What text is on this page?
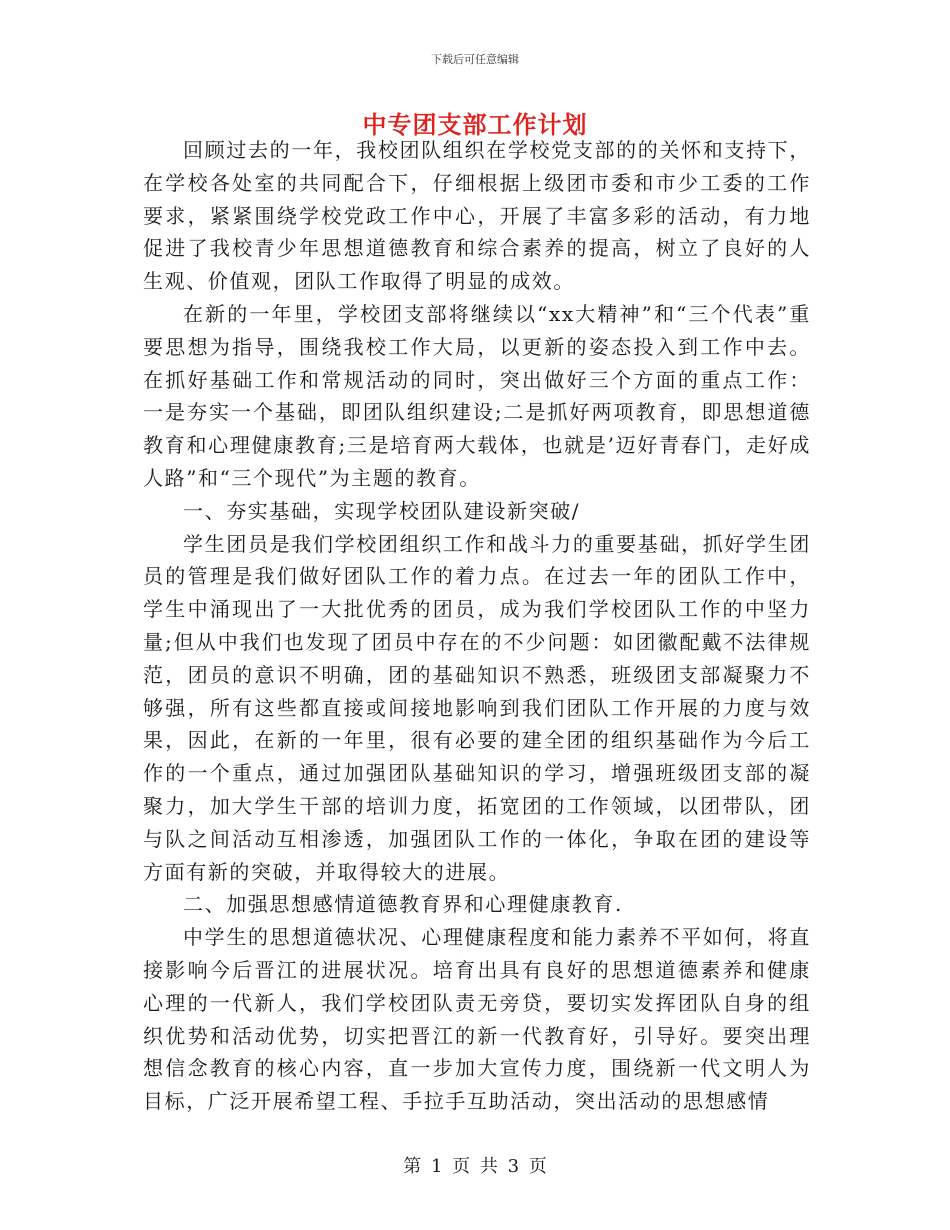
下载后可任意编辑
中专团支部工作计划

回顾过去的一年，我校团队组织在学校党支部的的关怀和支持下，在学校各处室的共同配合下，仔细根据上级团市委和市少工委的工作要求，紧紧围绕学校党政工作中心，开展了丰富多彩的活动，有力地促进了我校青少年思想道德教育和综合素养的提高，树立了良好的人生观、价值观，团队工作取得了明显的成效。

在新的一年里，学校团支部将继续以“xx大精神”和“三个代表”重要思想为指导，围绕我校工作大局，以更新的姿态投入到工作中去。在抓好基础工作和常规活动的同时，突出做好三个方面的重点工作：一是夯实一个基础，即团队组织建设;二是抓好两项教育，即思想道德教育和心理健康教育;三是培育两大载体，也就是’迈好青春门，走好成人路”和“三个现代”为主题的教育。

一、夯实基础，实现学校团队建设新突破/

学生团员是我们学校团组织工作和战斗力的重要基础，抓好学生团员的管理是我们做好团队工作的着力点。在过去一年的团队工作中，学生中涌现出了一大批优秀的团员，成为我们学校团队工作的中坚力量;但从中我们也发现了团员中存在的不少问题：如团徽配戴不法律规范，团员的意识不明确，团的基础知识不熟悉，班级团支部凝聚力不够强，所有这些都直接或间接地影响到我们团队工作开展的力度与效果，因此，在新的一年里，很有必要的建全团的组织基础作为今后工作的一个重点，通过加强团队基础知识的学习，增强班级团支部的凝聚力，加大学生干部的培训力度，拓宽团的工作领域，以团带队，团与队之间活动互相渗透，加强团队工作的一体化，争取在团的建设等方面有新的突破，并取得较大的进展。

二、加强思想感情道德教育界和心理健康教育.

中学生的思想道德状况、心理健康程度和能力素养不平如何，将直接影响今后晋江的进展状况。培育出具有良好的思想道德素养和健康心理的一代新人，我们学校团队责无旁贷，要切实发挥团队自身的组织优势和活动优势，切实把晋江的新一代教育好，引导好。要突出理想信念教育的核心内容，直一步加大宣传力度，围绕新一代文明人为目标，广泛开展希望工程、手拉手互助活动，突出活动的思想感情

第 1 页 共 3 页
